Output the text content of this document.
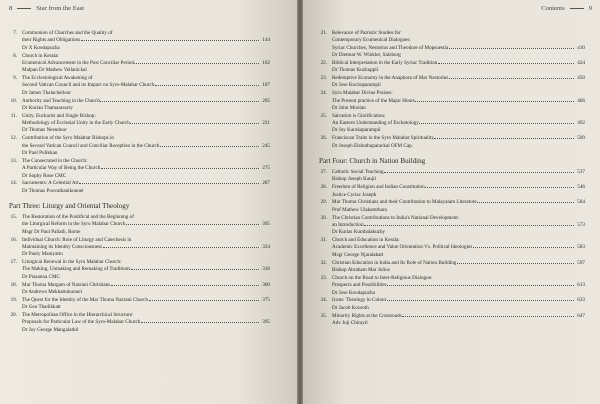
8	Star from the East
7. Communion of Churches and the Quality of
their Rights and Obligations	144
Dr X Koodapuzha
8. Church in Kerala:
Ecumenical Advancement in the Post Conciliar Period	162
Malpan Dr Mathew Vellanickal
9. The Ecclesiological Awakening of
Second Vatican Council and its Impact on Syro-Malabar Church	187
Dr James Thalachelloor
10. Authority and Teaching in the Church	205
Dr Kurian Thamarassery
11. Unity, Eucharist and Single Bishop:
Methodology of Ecclesial Unity in the Early Church	221
Dr Thomas Neendoor
12. Contribution of the Syro Malabar Bishops in
the Second Vatican Council and Conciliar Reception in the Church	245
Dr Paul Pulikkan
13. The Consecrated in the Church:
A Particular Way of Being the Church	275
Dr Sophy Rose CMC
14. Sacraments: A Celestial Art	287
Dr Thomas Poovathanikunnel
Part Three: Liturgy and Oriental Theology
15. The Restoration of the Pontifical and the Beginning of
the Liturgical Reform in the Syro Malabar Church	305
Msgr Dr Paul Pallath, Rome
16. Individual Church: Role of Liturgy and Catechesis in
Maintaining its Identity Consciousness	324
Dr Pauly Maniyattu
17. Liturgical Renewal in the Syro Malabar Church:
The Making, Unmaking and Remaking of Traditions	336
Dr Prasanna CMC
18. Mar Thoma Margam of Nazrani Christians	360
Dr Andrews Mekkattukunnel
19. The Quest for the Identity of the Mar Thoma Nazrani Church	375
Dr Geo Thadikkatt
20. The Metropolitan Office in the Hierarchical Structure:
Proposals for Particular Law of the Syro-Malabar Church	395
Dr Joy George Mangalathil
Contents	9
21. Relevance of Patristic Studies for
Contemporary Ecumenical Dialogues:
Syriac Churches, Nestorius and Theodore of Mopsuestia	410
Dr Dietmar W. Winkler, Salzburg
22. Biblical Interpretation in the Early Syriac Tradition	424
Dr Thomas Kuzhuppil
23. Redemptive Economy in the Anaphora of Mar Nestorius	450
Dr Jose Kochuparampil
24. Syro Malabar Divine Praises:
The Present practice of the Major Hours	466
Dr John Moolan
25. Salvation is Glorification:
An Eastern Understanding of Eschatology	492
Dr Joy Karukaparampil
26. Franciscan Traits in the Syro Malabar Spirituality	509
Dr Joseph Elshuthuparackal OFM Cap.
Part Four: Church in Nation Building
27. Catholic Social Teaching	537
Bishop Joseph Kanjil
28. Freedom of Religion and Indian Constitution	546
Justice Cyriac Joseph
29. Mar Thoma Christians and their Contribution to Malayalam Literature	564
Prof Mathew Ulakamthara
30. The Christian Contributions to India's National Development:
an Introduction	573
Dr Kurias Kumbalakuzhy
31. Church and Education in Kerala:
Academic Excellence and Value Orientation Vs. Political Ideologies	583
Msgr George Njaralakatt
32. Christian Education in India and Its Role of Nation Building	597
Bishop Abraham Mar Julios
33. Church on the Road to Inter-Religious Dialogue:
Prospects and Possibilities	613
Dr Jose Koodapuzha
34. Icons: Theology in Colour	633
Dr Jacob Kooroth
35. Minority Rights at the Crossroads	647
Adv Joji Chirayil
